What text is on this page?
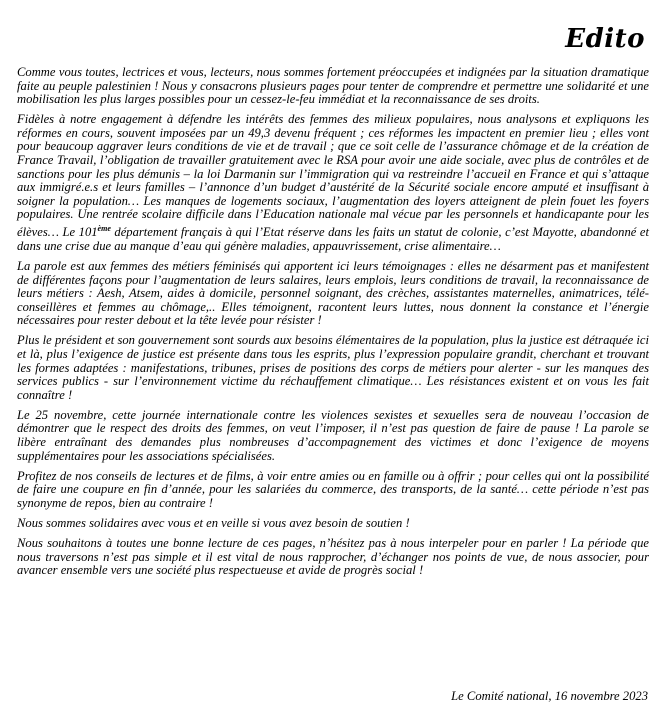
Edito

Comme vous toutes, lectrices et vous, lecteurs, nous sommes fortement préoccupées et indignées par la situation dramatique faite au peuple palestinien ! Nous y consacrons plusieurs pages pour tenter de comprendre et permettre une solidarité et une mobilisation les plus larges possibles pour un cessez-le-feu immédiat et la reconnaissance de ses droits.

Fidèles à notre engagement à défendre les intérêts des femmes des milieux populaires, nous analysons et expliquons les réformes en cours, souvent imposées par un 49,3 devenu fréquent ; ces réformes les impactent en premier lieu ; elles vont pour beaucoup aggraver leurs conditions de vie et de travail ; que ce soit celle de l’assurance chômage et de la création de France Travail, l’obligation de travailler gratuitement avec le RSA pour avoir une aide sociale, avec plus de contrôles et de sanctions pour les plus démunis – la loi Darmanin sur l’immigration qui va restreindre l’accueil en France et qui s’attaque aux immigré.e.s et leurs familles – l’annonce d’un budget d’austérité de la Sécurité sociale encore amputé et insuffisant à soigner la population… Les manques de logements sociaux, l’augmentation des loyers atteignent de plein fouet les foyers populaires. Une rentrée scolaire difficile dans l’Education nationale mal vécue par les personnels et handicapante pour les élèves… Le 101ème département français à qui l’Etat réserve dans les faits un statut de colonie, c’est Mayotte, abandonné et dans une crise due au manque d’eau qui génère maladies, appauvrissement, crise alimentaire…

La parole est aux femmes des métiers féminisés qui apportent ici leurs témoignages : elles ne désarment pas et manifestent de différentes façons pour l’augmentation de leurs salaires, leurs emplois, leurs conditions de travail, la reconnaissance de leurs métiers : Aesh, Atsem, aides à domicile, personnel soignant, des crèches, assistantes maternelles, animatrices, télé-conseillères et femmes au chômage,.. Elles témoignent, racontent leurs luttes, nous donnent la constance et l’énergie nécessaires pour rester debout et la tête levée pour résister !

Plus le président et son gouvernement sont sourds aux besoins élémentaires de la population, plus la justice est détraquée ici et là, plus l’exigence de justice est présente dans tous les esprits, plus l’expression populaire grandit, cherchant et trouvant les formes adaptées : manifestations, tribunes, prises de positions des corps de métiers pour alerter - sur les manques des services publics - sur l’environnement victime du réchauffement climatique… Les résistances existent et on vous les fait connaître !

Le 25 novembre, cette journée internationale contre les violences sexistes et sexuelles sera de nouveau l’occasion de démontrer que le respect des droits des femmes, on veut l’imposer, il n’est pas question de faire de pause ! La parole se libère entraînant des demandes plus nombreuses d’accompagnement des victimes et donc l’exigence de moyens supplémentaires pour les associations spécialisées.

Profitez de nos conseils de lectures et de films, à voir entre amies ou en famille ou à offrir ; pour celles qui ont la possibilité de faire une coupure en fin d’année, pour les salariées du commerce, des transports, de la santé… cette période n’est pas synonyme de repos, bien au contraire !

Nous sommes solidaires avec vous et en veille si vous avez besoin de soutien !

Nous souhaitons à toutes une bonne lecture de ces pages, n’hésitez pas à nous interpeler pour en parler ! La période que nous traversons n’est pas simple et il est vital de nous rapprocher, d’échanger nos points de vue, de nous associer, pour avancer ensemble vers une société plus respectueuse et avide de progrès social !

Le Comité national, 16 novembre 2023
